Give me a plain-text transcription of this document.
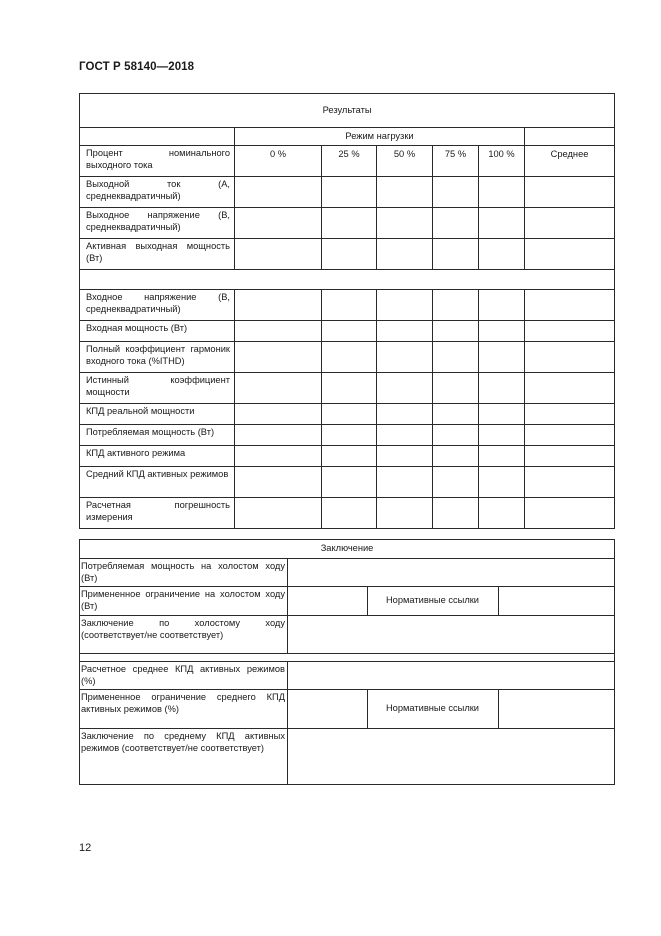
ГОСТ Р 58140—2018
Результаты						
	Режим нагрузки					
Процент номинального выходного тока	0 %	25 %	50 %	75 %	100 %	Среднее
Выходной ток (А, среднеквадратичный)						
Выходное напряжение (В, среднеквадратичный)						
Активная выходная мощность (Вт)						

Входное напряжение (В, среднеквадратичный)						
Входная мощность (Вт)						
Полный коэффициент гармоник входного тока (%ITHD)						
Истинный коэффициент мощности						
КПД реальной мощности						
Потребляемая мощность (Вт)						
КПД активного режима						
Средний КПД активных режимов						
Расчетная погрешность измерения						
Заключение			
Потребляемая мощность на холостом ходу (Вт)			
Примененное ограничение на холостом ходу (Вт)		Нормативные ссылки	
Заключение по холостому ходу (соответствует/не соответствует)			

Расчетное среднее КПД активных режимов (%)			
Примененное ограничение среднего КПД активных режимов (%)		Нормативные ссылки	
Заключение по среднему КПД активных режимов (соответствует/не соответствует)			
12
